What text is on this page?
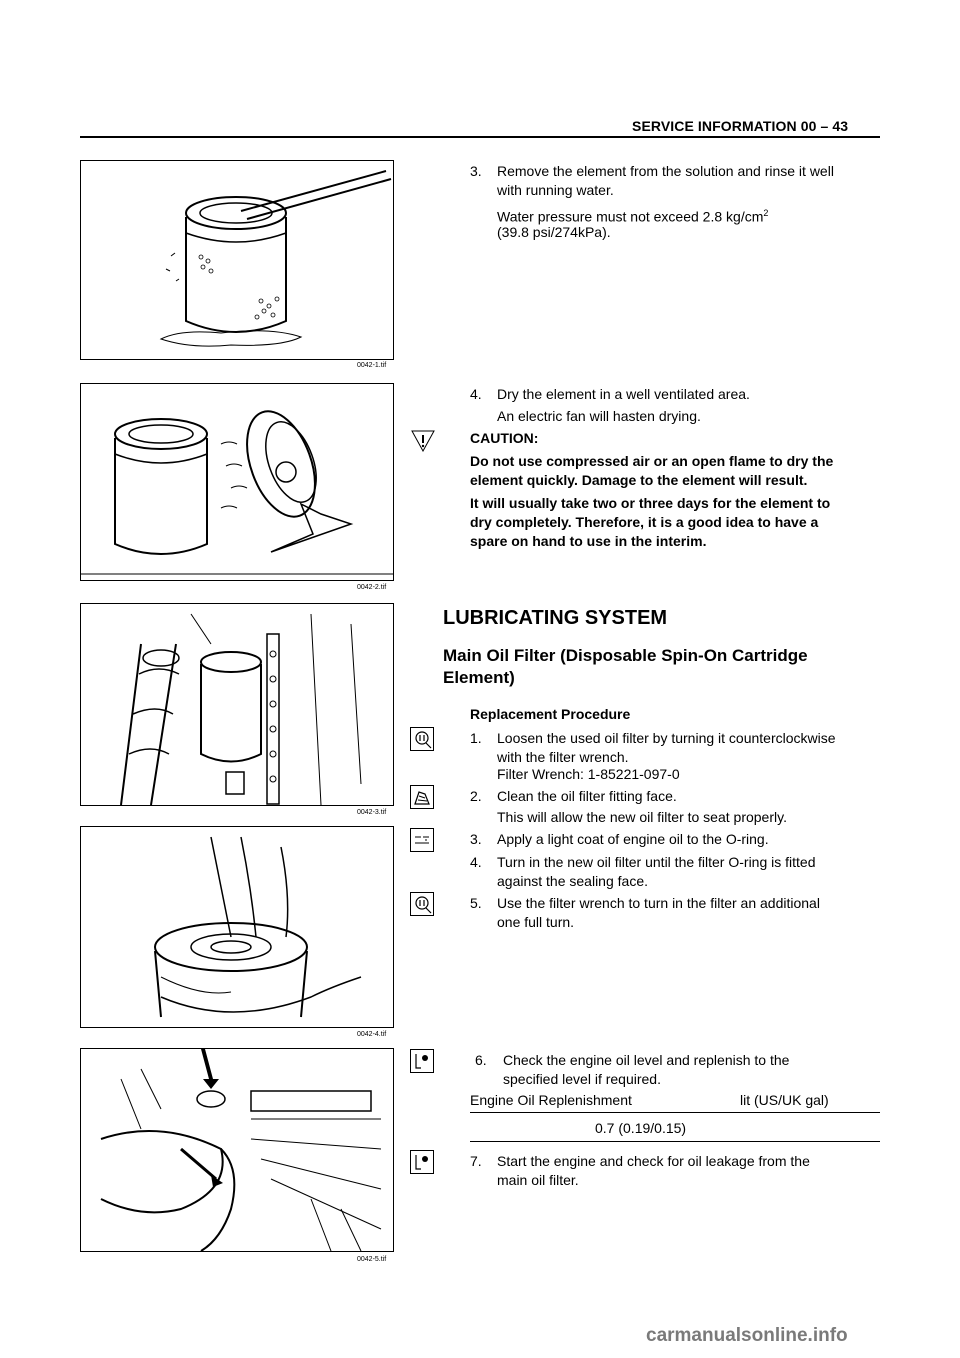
SERVICE INFORMATION 00 – 43
0042-1.tif
0042-2.tif
0042-3.tif
0042-4.tif
0042-5.tif
3. Remove the element from the solution and rinse it well
with running water.
Water pressure must not exceed 2.8 $kg/cm^2$
(39.8 psi/274kPa).
4. Dry the element in a well ventilated area.
An electric fan will hasten drying.
CAUTION:
Do not use compressed air or an open flame to dry the
element quickly. Damage to the element will result.
It will usually take two or three days for the element to
dry completely. Therefore, it is a good idea to have a
spare on hand to use in the interim.
LUBRICATING SYSTEM
Main Oil Filter (Disposable Spin-On Cartridge
Element)
Replacement Procedure
1. Loosen the used oil filter by turning it counterclockwise
with the filter wrench.
Filter Wrench: 1-85221-097-0
2. Clean the oil filter fitting face.
This will allow the new oil filter to seat properly.
3. Apply a light coat of engine oil to the O-ring.
4. Turn in the new oil filter until the filter O-ring is fitted
against the sealing face.
5. Use the filter wrench to turn in the filter an additional
one full turn.
6. Check the engine oil level and replenish to the
specified level if required.
Engine Oil Replenishment	lit (US/UK gal)
0.7 (0.19/0.15)
7. Start the engine and check for oil leakage from the
main oil filter.
carmanualsonline.info
